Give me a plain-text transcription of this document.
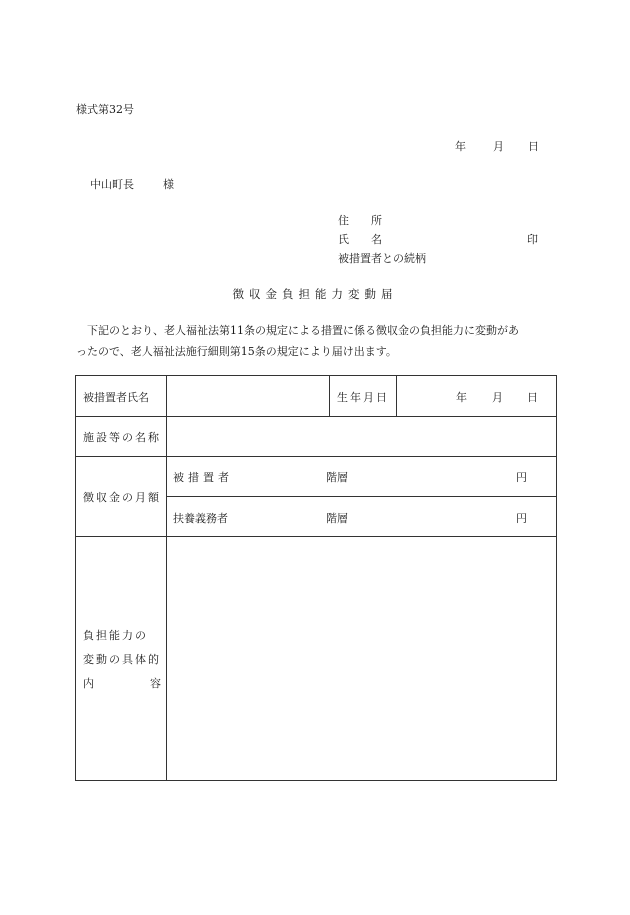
様式第32号
年 月 日
中山町長	様
住 所
氏 名	印
被措置者との続柄
徴収金負担能力変動届

下記のとおり、老人福祉法第11条の規定による措置に係る徴収金の負担能力に変動があ

ったので、老人福祉法施行細則第15条の規定により届け出ます。

被措置者氏名	生年月日	年 月 日
施設等の名称
徴収金の月額
被措置者	階層	円
扶養義務者	階層	円
負担能力の
変動の具体的
内	容
